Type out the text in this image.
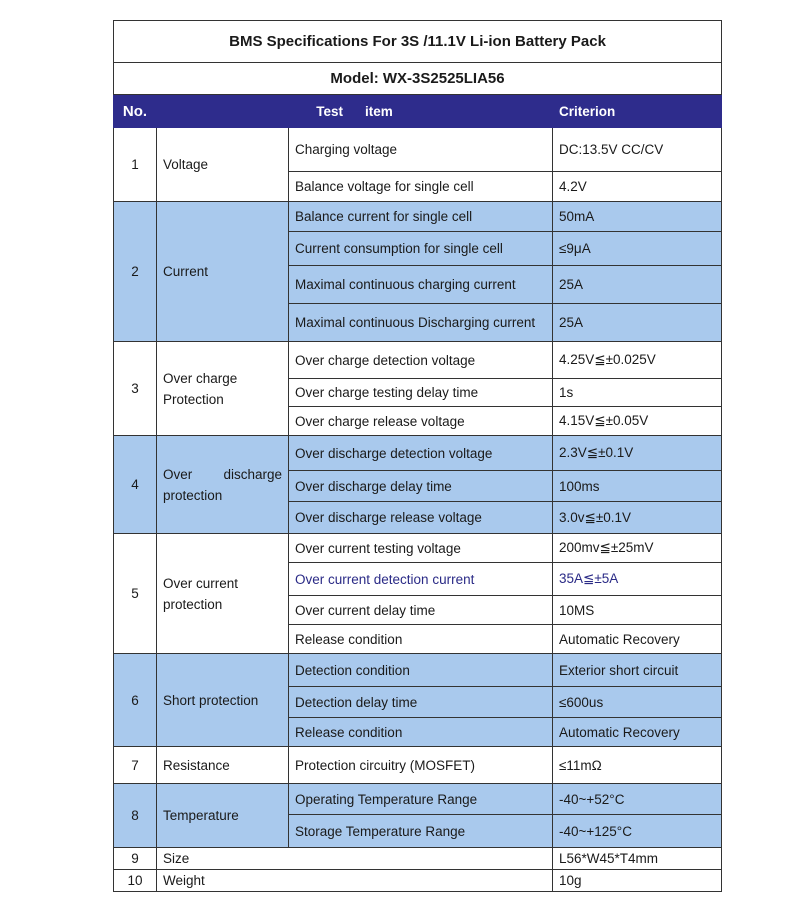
BMS Specifications For 3S /11.1V Li-ion Battery Pack			
Model: WX-3S2525LIA56			
No.	Test item		Criterion
1	Voltage	Charging voltage	DC:13.5V CC/CV
		Balance voltage for single cell	4.2V
2	Current	Balance current for single cell	50mA
		Current consumption for single cell	≤9μA
		Maximal continuous charging current	25A
		Maximal continuous Discharging current	25A
3	Over charge Protection	Over charge detection voltage	4.25V≦±0.025V
		Over charge testing delay time	1s
		Over charge release voltage	4.15V≦±0.05V
4	Over discharge protection	Over discharge detection voltage	2.3V≦±0.1V
		Over discharge delay time	100ms
		Over discharge release voltage	3.0v≦±0.1V
5	Over current protection	Over current testing voltage	200mv≦±25mV
		Over current detection current	35A≦±5A
		Over current delay time	10MS
		Release condition	Automatic Recovery
6	Short protection	Detection condition	Exterior short circuit
		Detection delay time	≤600us
		Release condition	Automatic Recovery
7	Resistance	Protection circuitry (MOSFET)	≤11mΩ
8	Temperature	Operating Temperature Range	-40~+52°C
		Storage Temperature Range	-40~+125°C
9	Size		L56*W45*T4mm
10	Weight		10g
